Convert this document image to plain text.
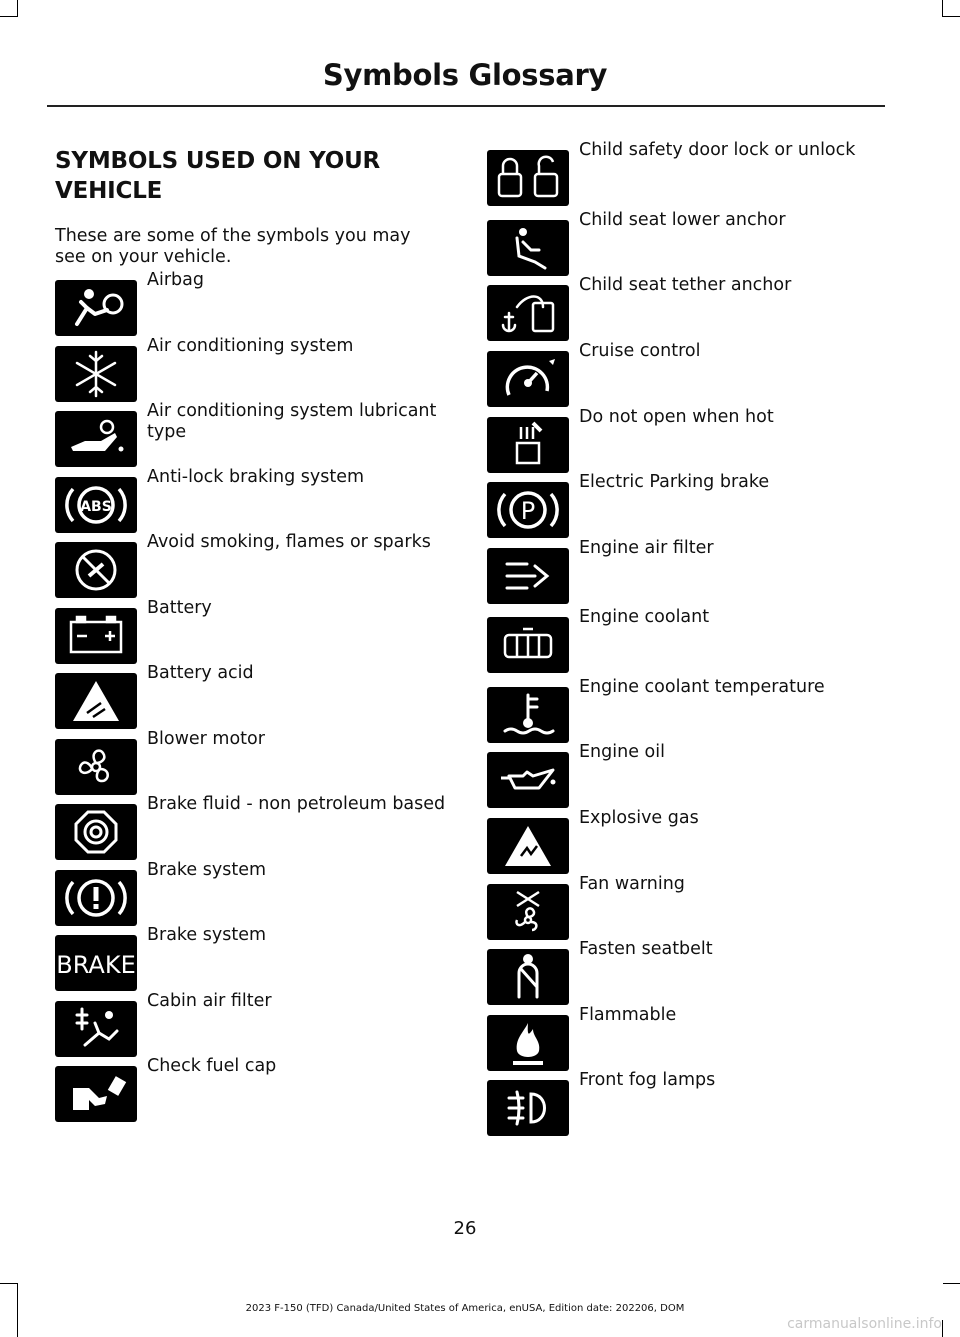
Symbols Glossary
SYMBOLS USED ON YOUR VEHICLE
These are some of the symbols you may see on your vehicle.
Airbag
Air conditioning system
Air conditioning system lubricant type
ABS
Anti-lock braking system
Avoid smoking, flames or sparks
Battery
Battery acid
Blower motor
Brake fluid - non petroleum based
Brake system
BRAKE
Brake system
Cabin air filter
Check fuel cap
Child safety door lock or unlock
Child seat lower anchor
Child seat tether anchor
Cruise control
Do not open when hot
P
Electric Parking brake
Engine air filter
Engine coolant
Engine coolant temperature
Engine oil
Explosive gas
Fan warning
Fasten seatbelt
Flammable
Front fog lamps
26
2023 F-150 (TFD) Canada/United States of America, enUSA, Edition date: 202206, DOM
carmanualsonline.info
